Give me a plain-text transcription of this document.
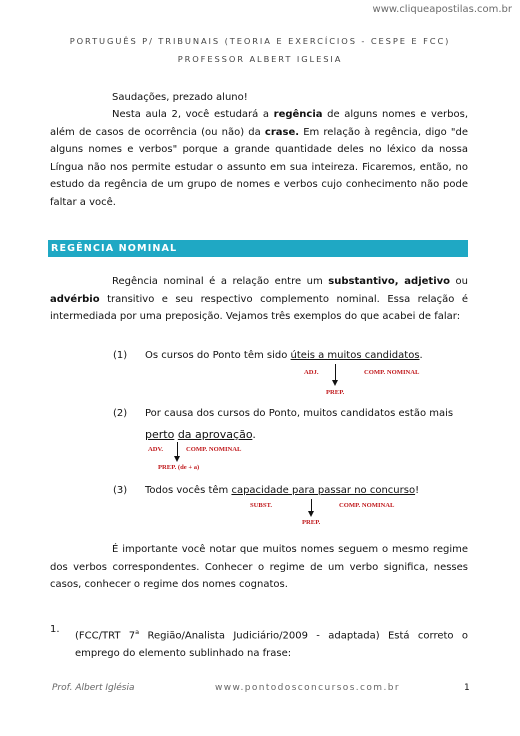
www.cliqueapostilas.com.br
PORTUGUÊS P/ TRIBUNAIS (TEORIA E EXERCÍCIOS - CESPE E FCC)
PROFESSOR ALBERT IGLESIA
Saudações, prezado aluno!
Nesta aula 2, você estudará a regência de alguns nomes e verbos, além de casos de ocorrência (ou não) da crase. Em relação à regência, digo "de alguns nomes e verbos" porque a grande quantidade deles no léxico da nossa Língua não nos permite estudar o assunto em sua inteireza. Ficaremos, então, no estudo da regência de um grupo de nomes e verbos cujo conhecimento não pode faltar a você.
REGÊNCIA NOMINAL
Regência nominal é a relação entre um substantivo, adjetivo ou advérbio transitivo e seu respectivo complemento nominal. Essa relação é intermediada por uma preposição. Vejamos três exemplos do que acabei de falar:
(1) Os cursos do Ponto têm sido úteis a muitos candidatos.
ADJ.	COMP. NOMINAL
PREP.
(2) Por causa dos cursos do Ponto, muitos candidatos estão mais
perto da aprovação.
ADV.	COMP. NOMINAL
PREP. (de + a)
(3) Todos vocês têm capacidade para passar no concurso!
SUBST.	COMP. NOMINAL
PREP.
É importante você notar que muitos nomes seguem o mesmo regime dos verbos correspondentes. Conhecer o regime de um verbo significa, nesses casos, conhecer o regime dos nomes cognatos.
1.
(FCC/TRT 7$^a$ Região/Analista Judiciário/2009 - adaptada) Está correto o emprego do elemento sublinhado na frase:
Prof. Albert Iglésia	www.pontodosconcursos.com.br	1
